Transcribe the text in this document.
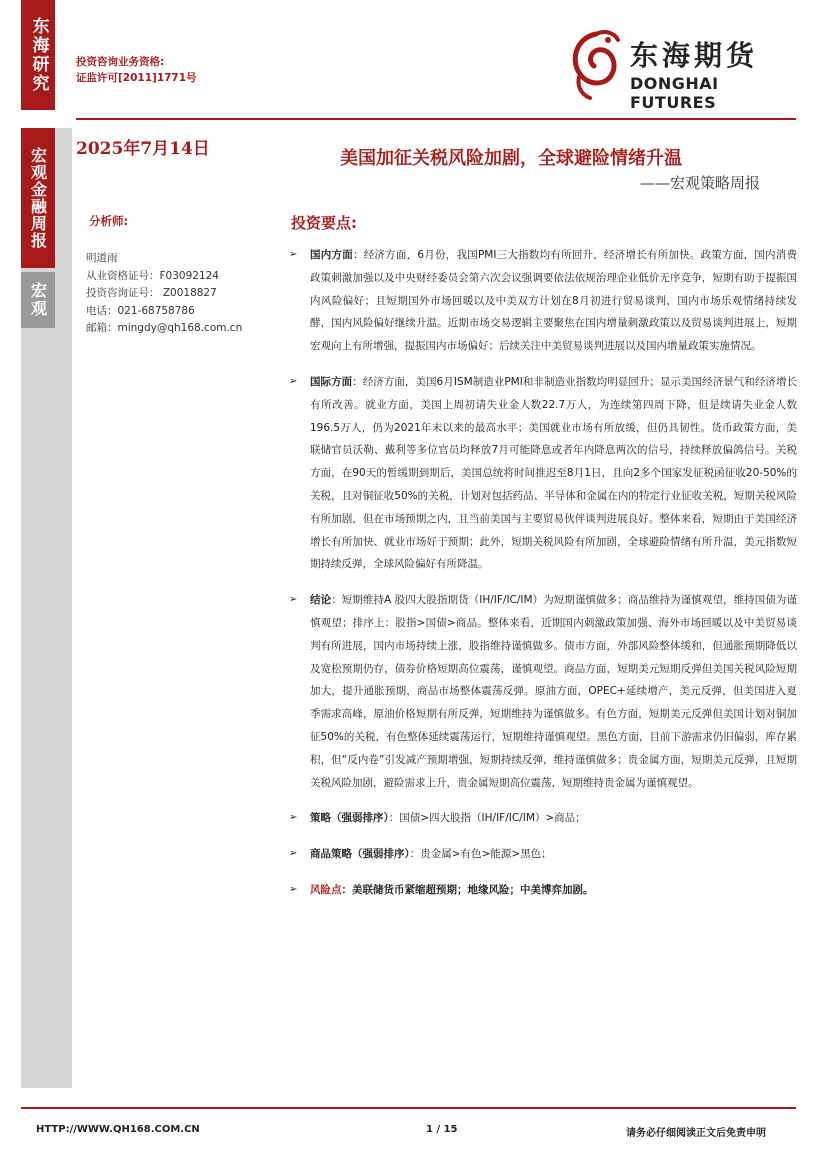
东海研究	投资咨询业务资格:
证监许可[2011]1771号
东海期货
DONGHAI FUTURES
宏观金融周报
宏观
2025年7月14日	美国加征关税风险加剧，全球避险情绪升温
——宏观策略周报
分析师:
明道雨
从业资格证号：F03092124
投资咨询证号： Z0018827
电话：021-68758786
邮箱：mingdy@qh168.com.cn
投资要点:
➢ 国内方面：经济方面，6月份，我国PMI三大指数均有所回升，经济增长有所加快。政策方面，国内消费政策刺激加强以及中央财经委员会第六次会议强调要依法依规治理企业低价无序竞争，短期有助于提振国内风险偏好；且短期国外市场回暖以及中美双方计划在8月初进行贸易谈判，国内市场乐观情绪持续发酵，国内风险偏好继续升温。近期市场交易逻辑主要聚焦在国内增量刺激政策以及贸易谈判进展上，短期宏观向上有所增强，提振国内市场偏好；后续关注中美贸易谈判进展以及国内增量政策实施情况。
➢ 国际方面：经济方面，美国6月ISM制造业PMI和非制造业指数均明显回升；显示美国经济景气和经济增长有所改善。就业方面，美国上周初请失业金人数22.7万人，为连续第四周下降，但是续请失业金人数 196.5万人，仍为2021年末以来的最高水平；美国就业市场有所放缓，但仍具韧性。货币政策方面，美联储官员沃勒、戴利等多位官员均释放7月可能降息或者年内降息两次的信号，持续释放偏鸽信号。关税方面，在90天的暂缓期到期后，美国总统将时间推迟至8月1日，且向2多个国家发征税函征收20-50%的关税，且对铜征收50%的关税，计划对包括药品、半导体和金属在内的特定行业征收关税，短期关税风险有所加剧，但在市场预期之内，且当前美国与主要贸易伙伴谈判进展良好。整体来看，短期由于美国经济增长有所加快、就业市场好于预期；此外，短期关税风险有所加剧，全球避险情绪有所升温，美元指数短期持续反弹，全球风险偏好有所降温。
➢ 结论：短期维持A 股四大股指期货（IH/IF/IC/IM）为短期谨慎做多；商品维持为谨慎观望，维持国债为谨慎观望；排序上：股指>国债>商品。整体来看，近期国内刺激政策加强、海外市场回暖以及中美贸易谈判有所进展，国内市场持续上涨，股指维持谨慎做多。债市方面，外部风险整体缓和，但通胀预期降低以及宽松预期仍存，债券价格短期高位震荡，谨慎观望。商品方面，短期美元短期反弹但美国关税风险短期加大，提升通胀预期，商品市场整体震荡反弹。原油方面，OPEC+延续增产，美元反弹，但美国进入夏季需求高峰，原油价格短期有所反弹，短期维持为谨慎做多。有色方面，短期美元反弹但美国计划对铜加征50%的关税，有色整体延续震荡运行，短期维持谨慎观望。黑色方面，目前下游需求仍旧偏弱，库存累积，但“反内卷”引发减产预期增强，短期持续反弹，维持谨慎做多；贵金属方面，短期美元反弹，且短期关税风险加剧，避险需求上升，贵金属短期高位震荡，短期维持贵金属为谨慎观望。
➢ 策略（强弱排序）：国债>四大股指（IH/IF/IC/IM）>商品；
➢ 商品策略（强弱排序）：贵金属>有色>能源>黑色；
➢ 风险点：美联储货币紧缩超预期；地缘风险；中美博弈加剧。
HTTP://WWW.QH168.COM.CN	1 / 15	请务必仔细阅读正文后免责申明
